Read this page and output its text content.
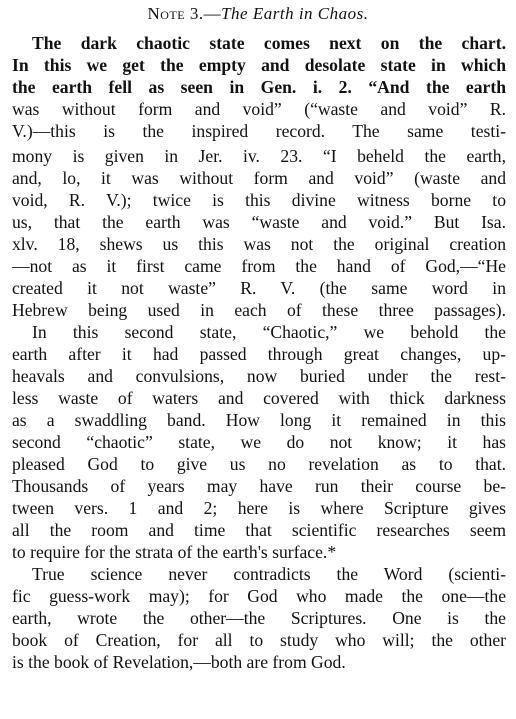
Note 3.—The Earth in Chaos.
The dark chaotic state comes next on the chart.
In this we get the empty and desolate state in which
the earth fell as seen in Gen. i. 2. “And the earth
was without form and void” (“waste and void” R.
V.)—this is the inspired record. The same testi-
mony is given in Jer. iv. 23. “I beheld the earth,
and, lo, it was without form and void” (waste and
void, R. V.); twice is this divine witness borne to
us, that the earth was “waste and void.” But Isa.
xlv. 18, shews us this was not the original creation
—not as it first came from the hand of God,—“He
created it not waste” R. V. (the same word in
Hebrew being used in each of these three passages).
In this second state, “Chaotic,” we behold the
earth after it had passed through great changes, up-
heavals and convulsions, now buried under the rest-
less waste of waters and covered with thick darkness
as a swaddling band. How long it remained in this
second “chaotic” state, we do not know; it has
pleased God to give us no revelation as to that.
Thousands of years may have run their course be-
tween vers. 1 and 2; here is where Scripture gives
all the room and time that scientific researches seem
to require for the strata of the earth's surface.*
True science never contradicts the Word (scienti-
fic guess-work may); for God who made the one—the
earth, wrote the other—the Scriptures. One is the
book of Creation, for all to study who will; the other
is the book of Revelation,—both are from God.
